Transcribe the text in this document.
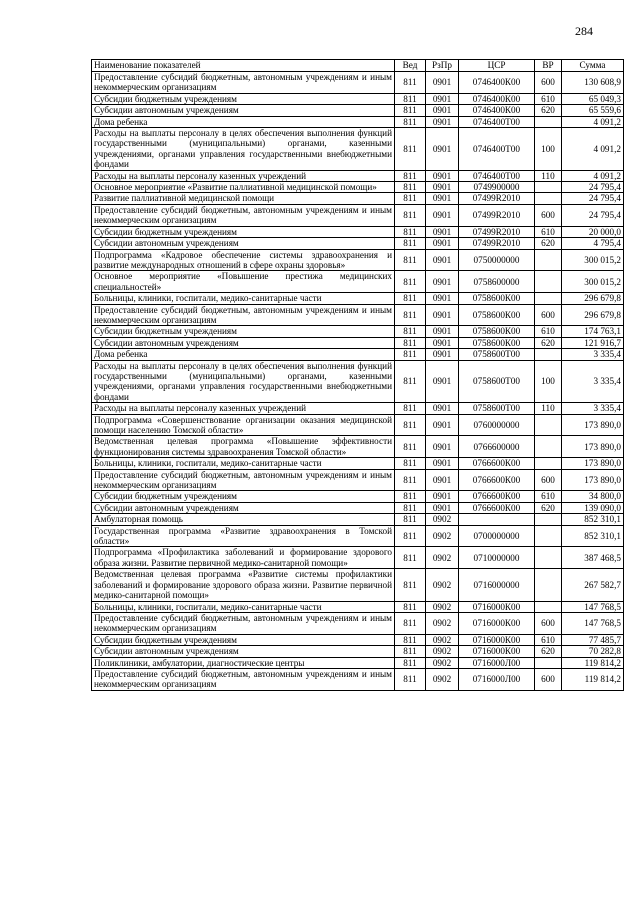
284
Наименование показателей	Вед	РзПр	ЦСР	ВР	Сумма
Предоставление субсидий бюджетным, автономным учреждениям и иным некоммерческим организациям	811	0901	0746400К00	600	130 608,9
Субсидии бюджетным учреждениям	811	0901	0746400К00	610	65 049,3
Субсидии автономным учреждениям	811	0901	0746400К00	620	65 559,6
Дома ребенка	811	0901	0746400Т00		4 091,2
Расходы на выплаты персоналу в целях обеспечения выполнения функций государственными (муниципальными) органами, казенными учреждениями, органами управления государственными внебюджетными фондами	811	0901	0746400Т00	100	4 091,2
Расходы на выплаты персоналу казенных учреждений	811	0901	0746400Т00	110	4 091,2
Основное мероприятие «Развитие паллиативной медицинской помощи»	811	0901	0749900000		24 795,4
Развитие паллиативной медицинской помощи	811	0901	07499R2010		24 795,4
Предоставление субсидий бюджетным, автономным учреждениям и иным некоммерческим организациям	811	0901	07499R2010	600	24 795,4
Субсидии бюджетным учреждениям	811	0901	07499R2010	610	20 000,0
Субсидии автономным учреждениям	811	0901	07499R2010	620	4 795,4
Подпрограмма «Кадровое обеспечение системы здравоохранения и развитие международных отношений в сфере охраны здоровья»	811	0901	0750000000		300 015,2
Основное мероприятие «Повышение престижа медицинских специальностей»	811	0901	0758600000		300 015,2
Больницы, клиники, госпитали, медико-санитарные части	811	0901	0758600К00		296 679,8
Предоставление субсидий бюджетным, автономным учреждениям и иным некоммерческим организациям	811	0901	0758600К00	600	296 679,8
Субсидии бюджетным учреждениям	811	0901	0758600К00	610	174 763,1
Субсидии автономным учреждениям	811	0901	0758600К00	620	121 916,7
Дома ребенка	811	0901	0758600Т00		3 335,4
Расходы на выплаты персоналу в целях обеспечения выполнения функций государственными (муниципальными) органами, казенными учреждениями, органами управления государственными внебюджетными фондами	811	0901	0758600Т00	100	3 335,4
Расходы на выплаты персоналу казенных учреждений	811	0901	0758600Т00	110	3 335,4
Подпрограмма «Совершенствование организации оказания медицинской помощи населению Томской области»	811	0901	0760000000		173 890,0
Ведомственная целевая программа «Повышение эффективности функционирования системы здравоохранения Томской области»	811	0901	0766600000		173 890,0
Больницы, клиники, госпитали, медико-санитарные части	811	0901	0766600К00		173 890,0
Предоставление субсидий бюджетным, автономным учреждениям и иным некоммерческим организациям	811	0901	0766600К00	600	173 890,0
Субсидии бюджетным учреждениям	811	0901	0766600К00	610	34 800,0
Субсидии автономным учреждениям	811	0901	0766600К00	620	139 090,0
Амбулаторная помощь	811	0902			852 310,1
Государственная программа «Развитие здравоохранения в Томской области»	811	0902	0700000000		852 310,1
Подпрограмма «Профилактика заболеваний и формирование здорового образа жизни. Развитие первичной медико-санитарной помощи»	811	0902	0710000000		387 468,5
Ведомственная целевая программа «Развитие системы профилактики заболеваний и формирование здорового образа жизни. Развитие первичной медико-санитарной помощи»	811	0902	0716000000		267 582,7
Больницы, клиники, госпитали, медико-санитарные части	811	0902	0716000К00		147 768,5
Предоставление субсидий бюджетным, автономным учреждениям и иным некоммерческим организациям	811	0902	0716000К00	600	147 768,5
Субсидии бюджетным учреждениям	811	0902	0716000К00	610	77 485,7
Субсидии автономным учреждениям	811	0902	0716000К00	620	70 282,8
Поликлиники, амбулатории, диагностические центры	811	0902	0716000Л00		119 814,2
Предоставление субсидий бюджетным, автономным учреждениям и иным некоммерческим организациям	811	0902	0716000Л00	600	119 814,2
